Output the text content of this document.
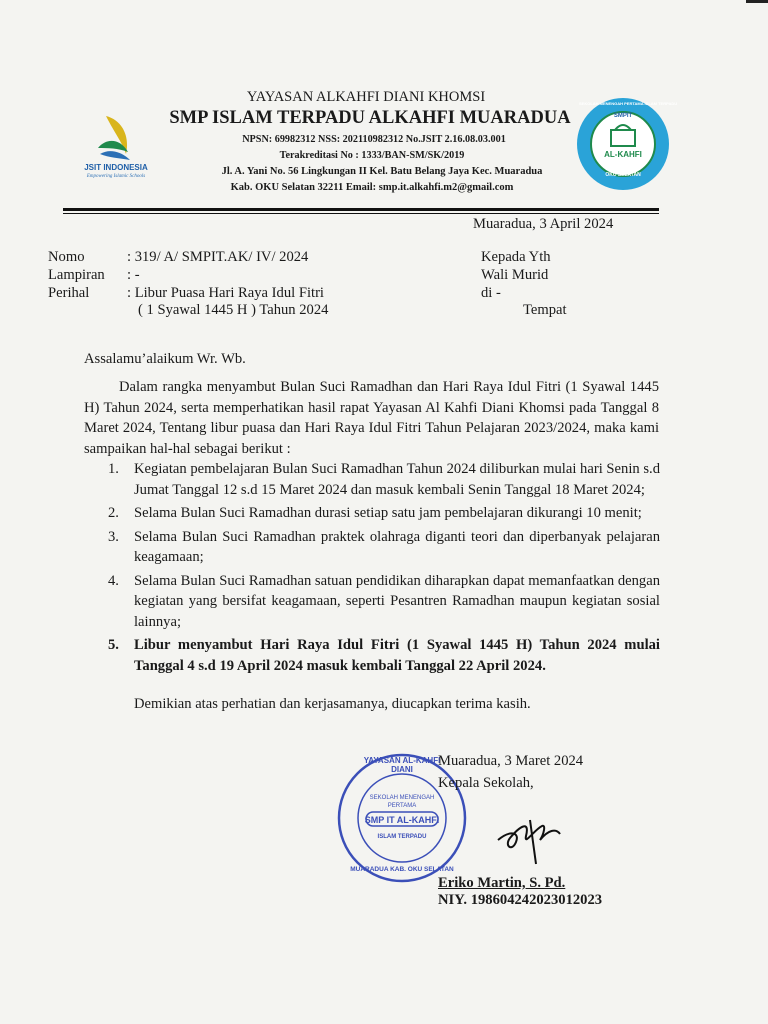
JSIT INDONESIA
Empowering Islamic Schools
SMPIT
AL-KAHFI
OKU SELATAN
SEKOLAH MENENGAH PERTAMA ISLAM TERPADU
YAYASAN ALKAHFI DIANI KHOMSI
SMP ISLAM TERPADU ALKAHFI MUARADUA
NPSN: 69982312 NSS: 202110982312 No.JSIT 2.16.08.03.001
Terakreditasi No : 1333/BAN-SM/SK/2019
Jl. A. Yani No. 56 Lingkungan II Kel. Batu Belang Jaya Kec. Muaradua
Kab. OKU Selatan 32211 Email: smp.it.alkahfi.m2@gmail.com
Muaradua, 3 April 2024
Nomo	: 319/ A/ SMPIT.AK/ IV/ 2024
Lampiran : -
Perihal	: Libur Puasa Hari Raya Idul Fitri
( 1 Syawal 1445 H ) Tahun 2024
Kepada Yth
Wali Murid
di -
Tempat
Assalamu’alaikum Wr. Wb.
Dalam rangka menyambut Bulan Suci Ramadhan dan Hari Raya Idul Fitri (1 Syawal 1445 H) Tahun 2024, serta memperhatikan hasil rapat Yayasan Al Kahfi Diani Khomsi pada Tanggal 8 Maret 2024, Tentang libur puasa dan Hari Raya Idul Fitri Tahun Pelajaran 2023/2024, maka kami sampaikan hal-hal sebagai berikut :
1. Kegiatan pembelajaran Bulan Suci Ramadhan Tahun 2024 diliburkan mulai hari Senin s.d Jumat Tanggal 12 s.d 15 Maret 2024 dan masuk kembali Senin Tanggal 18 Maret 2024;
2. Selama Bulan Suci Ramadhan durasi setiap satu jam pembelajaran dikurangi 10 menit;
3. Selama Bulan Suci Ramadhan praktek olahraga diganti teori dan diperbanyak pelajaran keagamaan;
4. Selama Bulan Suci Ramadhan satuan pendidikan diharapkan dapat memanfaatkan dengan kegiatan yang bersifat keagamaan, seperti Pesantren Ramadhan maupun kegiatan sosial lainnya;
5. Libur menyambut Hari Raya Idul Fitri (1 Syawal 1445 H) Tahun 2024 mulai Tanggal 4 s.d 19 April 2024 masuk kembali Tanggal 22 April 2024.
Demikian atas perhatian dan kerjasamanya, diucapkan terima kasih.
YAYASAN AL-KAHFI DIANI
SEKOLAH MENENGAH
PERTAMA
SMP IT AL-KAHFI
ISLAM TERPADU
MUARADUA KAB. OKU SELATAN
Muaradua, 3 Maret 2024
Kepala Sekolah,
Eriko Martin, S. Pd.
NIY. 198604242023012023
